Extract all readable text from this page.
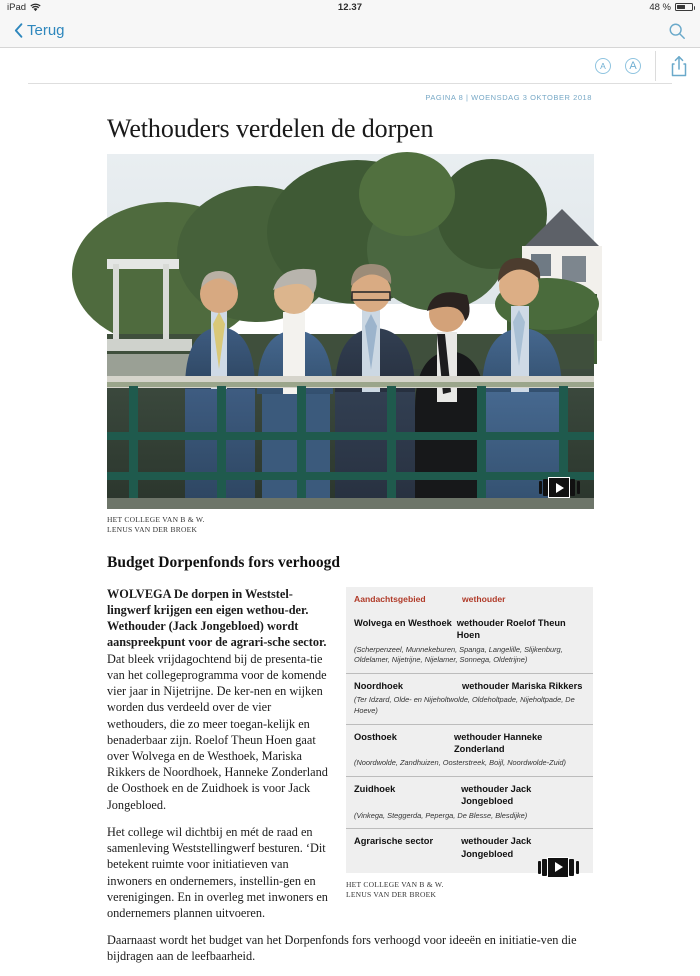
iPad	12.37	48 %
Terug
A	A
PAGINA 8 | WOENSDAG 3 OKTOBER 2018
Wethouders verdelen de dorpen
HET COLLEGE VAN B & W.
LENUS VAN DER BROEK
Budget Dorpenfonds fors verhoogd
Aandachtsgebied	wethouder
Wolvega en Westhoek wethouder Roelof Theun Hoen
(Scherpenzeel, Munnekeburen, Spanga, Langelille, Slijkenburg, Oldelamer, Nijetrijne, Nijelamer, Sonnega, Oldetrijne)
Noordhoek	wethouder Mariska Rikkers
(Ter Idzard, Olde- en Nijeholtwolde, Oldeholtpade, Nijeholtpade, De Hoeve)
Oosthoek	wethouder Hanneke Zonderland
(Noordwolde, Zandhuizen, Oosterstreek, Boijl, Noordwolde-Zuid)
Zuidhoek	wethouder Jack Jongebloed
(Vinkega, Steggerda, Peperga, De Blesse, Blesdijke)
Agrarische sector	wethouder Jack Jongebloed
HET COLLEGE VAN B & W.
LENUS VAN DER BROEK

WOLVEGA De dorpen in Weststel‐lingwerf krijgen een eigen wethou‐der. Wethouder (Jack Jongebloed) wordt aanspreekpunt voor de agrari‐sche sector.

Dat bleek vrijdagochtend bij de presenta‐tie van het collegeprogramma voor de komende vier jaar in Nijetrijne. De ker‐nen en wijken worden dus verdeeld over de vier wethouders, die zo meer toegan‐kelijk en benaderbaar zijn. Roelof Theun Hoen gaat over Wolvega en de Westhoek, Mariska Rikkers de Noordhoek, Hanneke Zonderland de Oosthoek en de Zuidhoek is voor Jack Jongebloed.

Het college wil dichtbij en mét de raad en samenleving Weststellingwerf besturen. ‘Dit betekent ruimte voor initiatieven van inwoners en ondernemers, instellin‐gen en verenigingen. En in overleg met inwoners en ondernemers plannen uitvoeren.

Daarnaast wordt het budget van het Dorpenfonds fors verhoogd voor ideeën en initiatie‐ven die bijdragen aan de leefbaarheid.
